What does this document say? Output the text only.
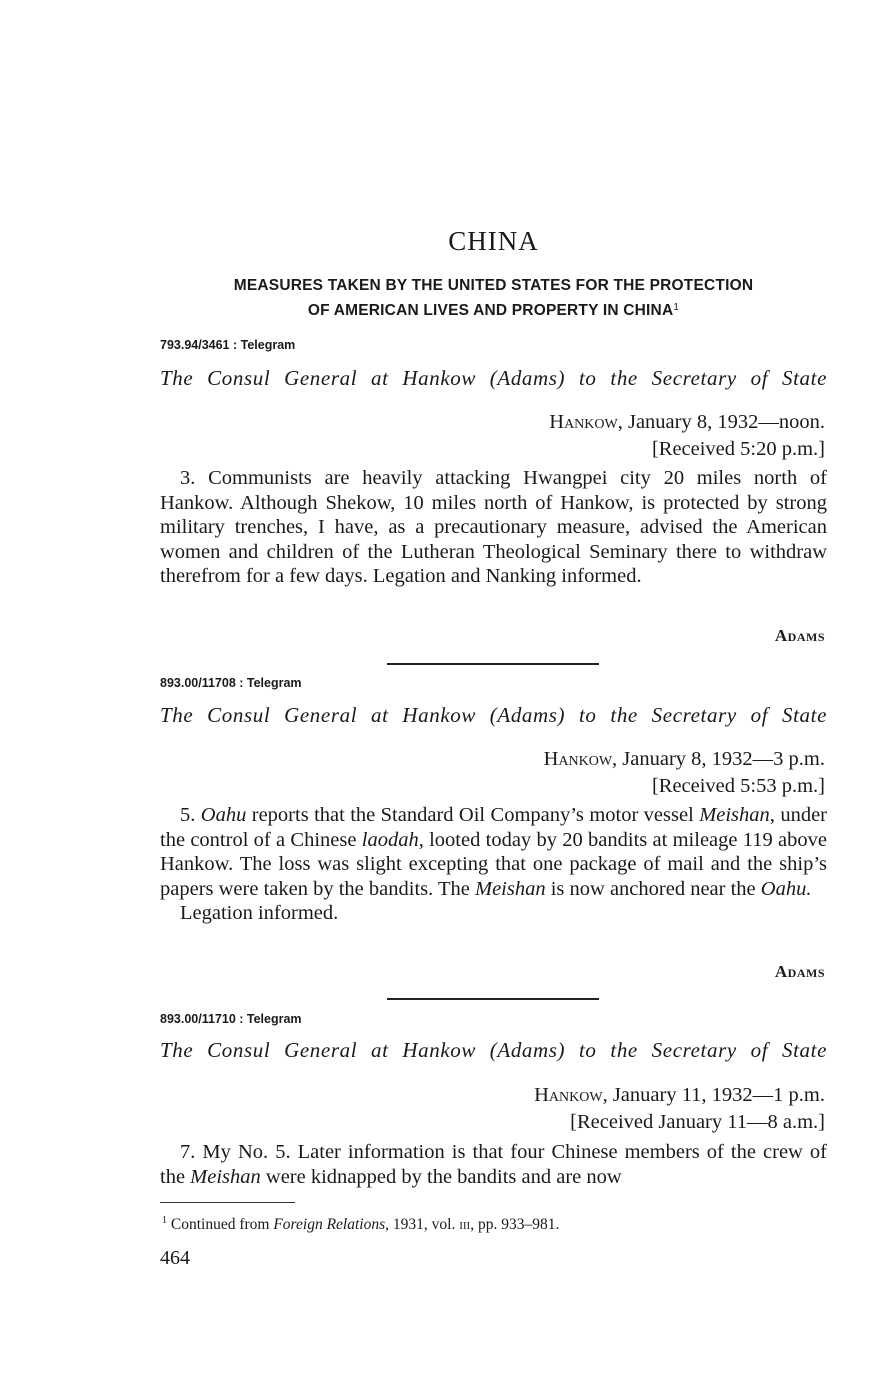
CHINA
MEASURES TAKEN BY THE UNITED STATES FOR THE PROTECTION
OF AMERICAN LIVES AND PROPERTY IN CHINA$^1$
793.94/3461 : Telegram
The Consul General at Hankow (Adams) to the Secretary of State
Hankow, January 8, 1932—noon.
[Received 5:20 p.m.]

3. Communists are heavily attacking Hwangpei city 20 miles north of Hankow. Although Shekow, 10 miles north of Hankow, is protected by strong military trenches, I have, as a precautionary measure, advised the American women and children of the Lutheran Theological Seminary there to withdraw therefrom for a few days. Legation and Nanking informed.

Adams
893.00/11708 : Telegram
The Consul General at Hankow (Adams) to the Secretary of State
Hankow, January 8, 1932—3 p.m.
[Received 5:53 p.m.]

5. Oahu reports that the Standard Oil Company’s motor vessel Meishan, under the control of a Chinese laodah, looted today by 20 bandits at mileage 119 above Hankow. The loss was slight excepting that one package of mail and the ship’s papers were taken by the bandits. The Meishan is now anchored near the Oahu.

Legation informed.

Adams
893.00/11710 : Telegram
The Consul General at Hankow (Adams) to the Secretary of State
Hankow, January 11, 1932—1 p.m.
[Received January 11—8 a.m.]

7. My No. 5. Later information is that four Chinese members of the crew of the Meishan were kidnapped by the bandits and are now

$^1$ Continued from Foreign Relations, 1931, vol. iii, pp. 933–981.
464
